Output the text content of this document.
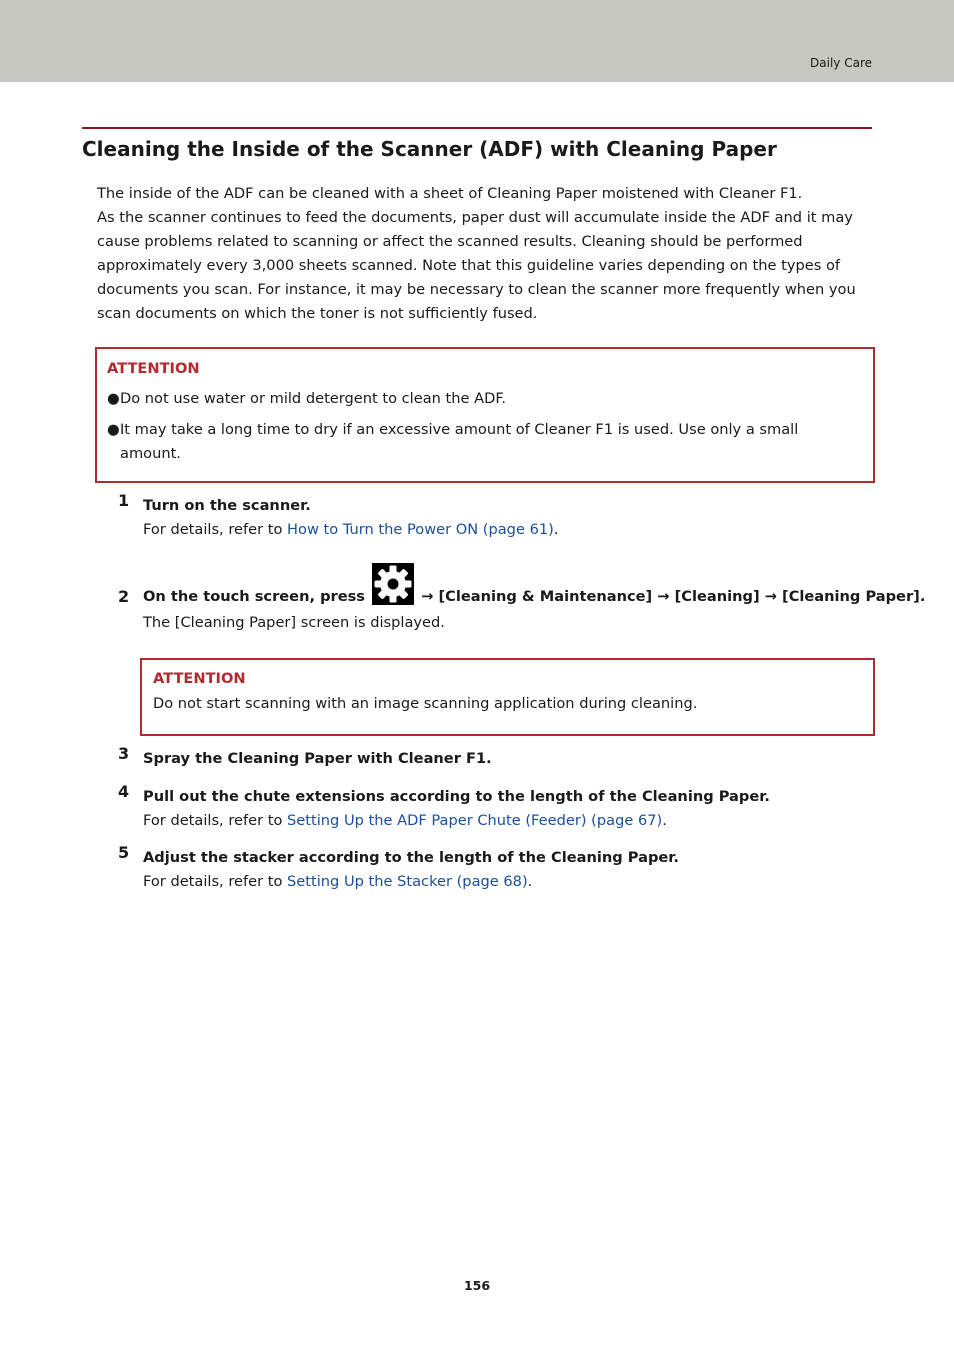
Daily Care
Cleaning the Inside of the Scanner (ADF) with Cleaning Paper

The inside of the ADF can be cleaned with a sheet of Cleaning Paper moistened with Cleaner F1.

As the scanner continues to feed the documents, paper dust will accumulate inside the ADF and it may cause problems related to scanning or affect the scanned results. Cleaning should be performed approximately every 3,000 sheets scanned. Note that this guideline varies depending on the types of documents you scan. For instance, it may be necessary to clean the scanner more frequently when you scan documents on which the toner is not sufficiently fused.

ATTENTION
● Do not use water or mild detergent to clean the ADF.
● It may take a long time to dry if an excessive amount of Cleaner F1 is used. Use only a small amount.
1 Turn on the scanner.
For details, refer to How to Turn the Power ON (page 61).
2 On the touch screen, press	→ [Cleaning & Maintenance] → [Cleaning] → [Cleaning Paper].
The [Cleaning Paper] screen is displayed.
ATTENTION
Do not start scanning with an image scanning application during cleaning.
3 Spray the Cleaning Paper with Cleaner F1.
4 Pull out the chute extensions according to the length of the Cleaning Paper.
For details, refer to Setting Up the ADF Paper Chute (Feeder) (page 67).
5 Adjust the stacker according to the length of the Cleaning Paper.
For details, refer to Setting Up the Stacker (page 68).
156
